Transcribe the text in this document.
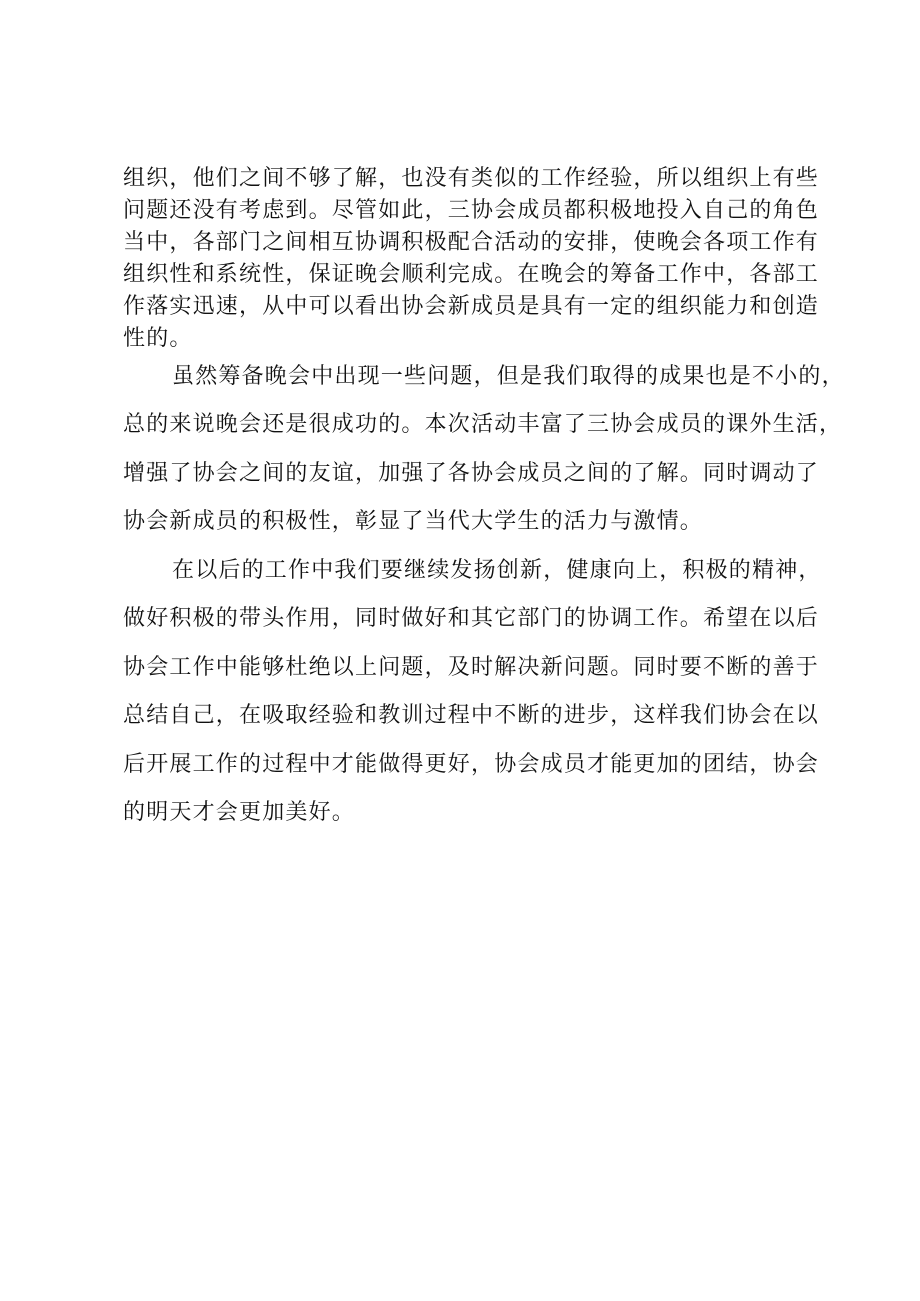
组织，他们之间不够了解，也没有类似的工作经验，所以组织上有些
问题还没有考虑到。尽管如此，三协会成员都积极地投入自己的角色
当中，各部门之间相互协调积极配合活动的安排，使晚会各项工作有
组织性和系统性，保证晚会顺利完成。在晚会的筹备工作中，各部工
作落实迅速，从中可以看出协会新成员是具有一定的组织能力和创造
性的。
虽然筹备晚会中出现一些问题，但是我们取得的成果也是不小的，
总的来说晚会还是很成功的。本次活动丰富了三协会成员的课外生活，
增强了协会之间的友谊，加强了各协会成员之间的了解。同时调动了
协会新成员的积极性，彰显了当代大学生的活力与激情。
在以后的工作中我们要继续发扬创新，健康向上，积极的精神，
做好积极的带头作用，同时做好和其它部门的协调工作。希望在以后
协会工作中能够杜绝以上问题，及时解决新问题。同时要不断的善于
总结自己，在吸取经验和教训过程中不断的进步，这样我们协会在以
后开展工作的过程中才能做得更好，协会成员才能更加的团结，协会
的明天才会更加美好。
